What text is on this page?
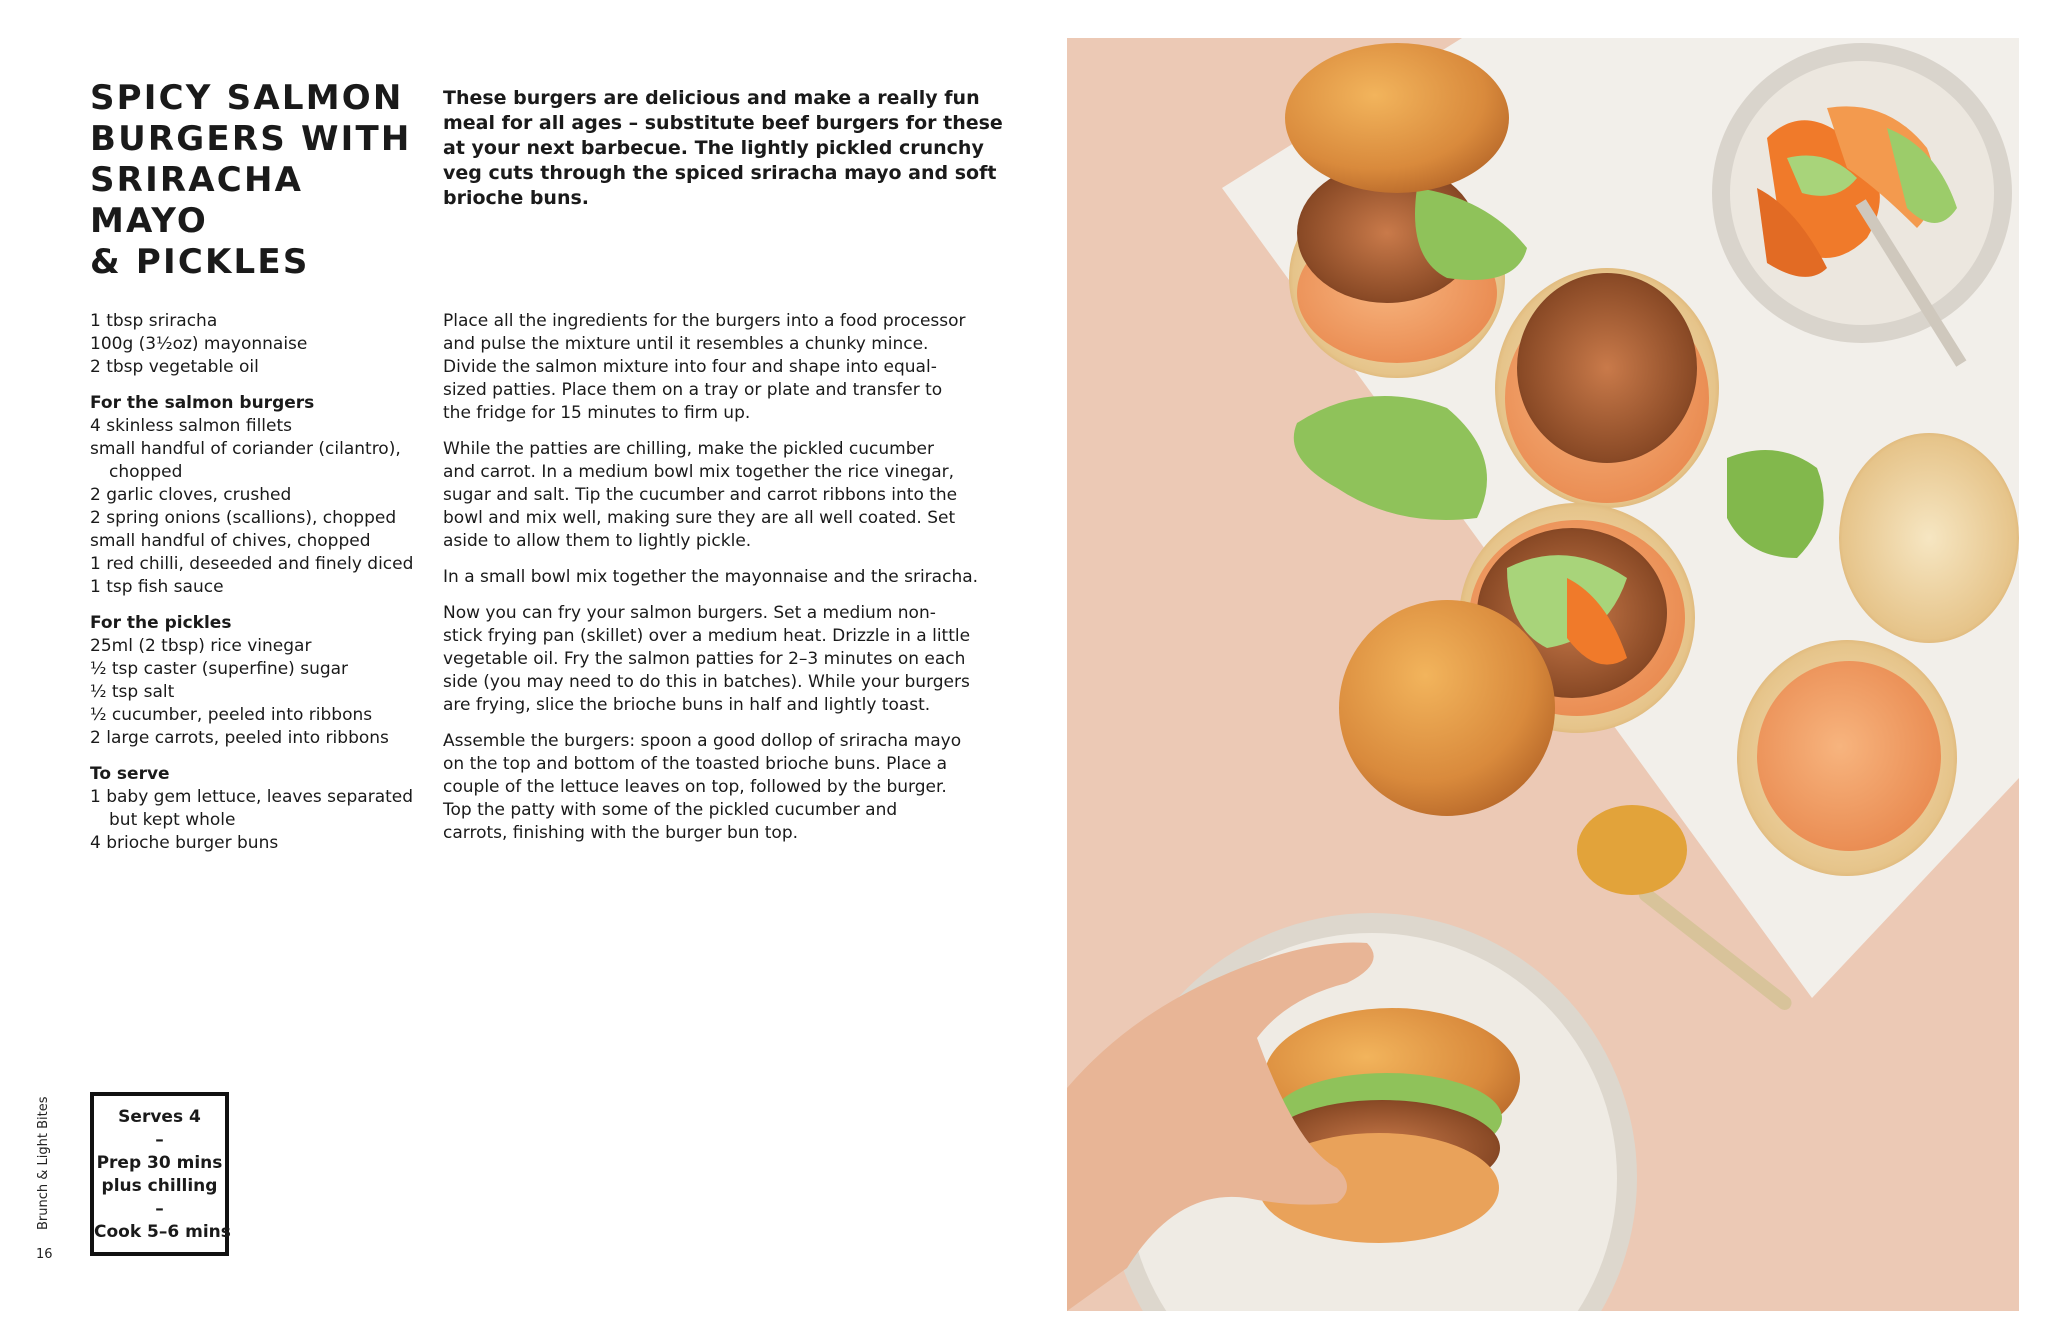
SPICY SALMON
BURGERS WITH
SRIRACHA MAYO
& PICKLES

These burgers are delicious and make a really fun
meal for all ages – substitute beef burgers for these
at your next barbecue. The lightly pickled crunchy
veg cuts through the spiced sriracha mayo and soft
brioche buns.

1 tbsp sriracha
100g (3½oz) mayonnaise
2 tbsp vegetable oil
For the salmon burgers
4 skinless salmon fillets
small handful of coriander (cilantro),
chopped
2 garlic cloves, crushed
2 spring onions (scallions), chopped
small handful of chives, chopped
1 red chilli, deseeded and finely diced
1 tsp fish sauce
For the pickles
25ml (2 tbsp) rice vinegar
½ tsp caster (superfine) sugar
½ tsp salt
½ cucumber, peeled into ribbons
2 large carrots, peeled into ribbons
To serve
1 baby gem lettuce, leaves separated
but kept whole
4 brioche burger buns

Place all the ingredients for the burgers into a food processor
and pulse the mixture until it resembles a chunky mince.
Divide the salmon mixture into four and shape into equal-
sized patties. Place them on a tray or plate and transfer to
the fridge for 15 minutes to firm up.

While the patties are chilling, make the pickled cucumber
and carrot. In a medium bowl mix together the rice vinegar,
sugar and salt. Tip the cucumber and carrot ribbons into the
bowl and mix well, making sure they are all well coated. Set
aside to allow them to lightly pickle.

In a small bowl mix together the mayonnaise and the sriracha.

Now you can fry your salmon burgers. Set a medium non-
stick frying pan (skillet) over a medium heat. Drizzle in a little
vegetable oil. Fry the salmon patties for 2–3 minutes on each
side (you may need to do this in batches). While your burgers
are frying, slice the brioche buns in half and lightly toast.

Assemble the burgers: spoon a good dollop of sriracha mayo
on the top and bottom of the toasted brioche buns. Place a
couple of the lettuce leaves on top, followed by the burger.
Top the patty with some of the pickled cucumber and
carrots, finishing with the burger bun top.

Serves 4
–
Prep 30 mins
plus chilling
–
Cook 5–6 mins
Brunch & Light Bites
16
